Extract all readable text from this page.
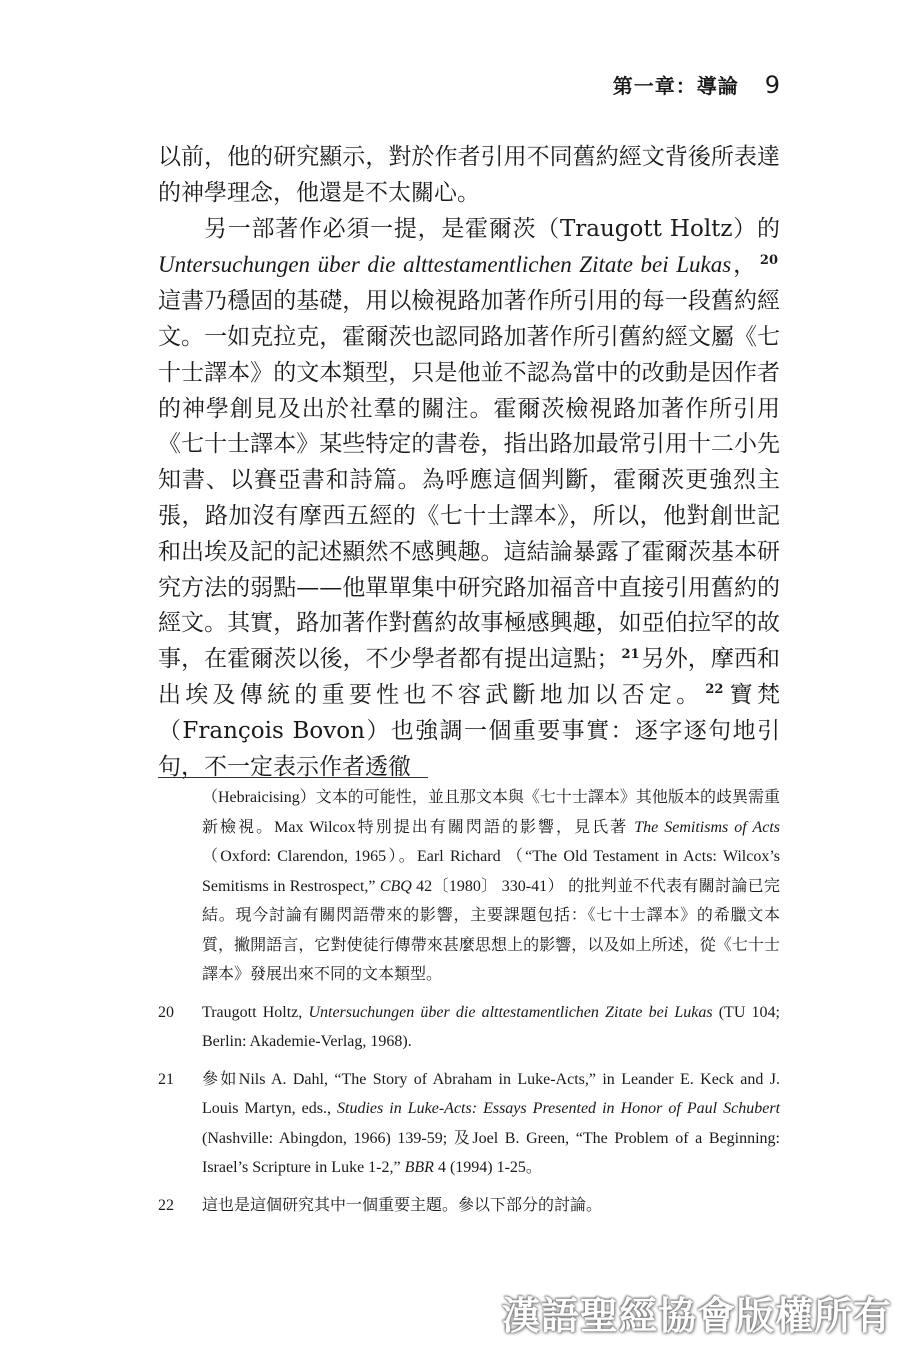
第一章：導論 9

以前，他的研究顯示，對於作者引用不同舊約經文背後所表達的神學理念，他還是不太關心。

另一部著作必須一提，是霍爾茨（Traugott Holtz）的Untersuchungen über die alttestamentlichen Zitate bei Lukas， $^{20}$這書乃穩固的基礎，用以檢視路加著作所引用的每一段舊約經文。一如克拉克，霍爾茨也認同路加著作所引舊約經文屬《七十士譯本》的文本類型，只是他並不認為當中的改動是因作者的神學創見及出於社羣的關注。霍爾茨檢視路加著作所引用《七十士譯本》某些特定的書卷，指出路加最常引用十二小先知書、以賽亞書和詩篇。為呼應這個判斷，霍爾茨更強烈主張，路加沒有摩西五經的《七十士譯本》，所以，他對創世記和出埃及記的記述顯然不感興趣。這結論暴露了霍爾茨基本研究方法的弱點——他單單集中研究路加福音中直接引用舊約的經文。其實，路加著作對舊約故事極感興趣，如亞伯拉罕的故事，在霍爾茨以後，不少學者都有提出這點； $^{21}$另外，摩西和出埃及傳統的重要性也不容武斷地加以否定。 $^{22}$寶梵（François Bovon）也強調一個重要事實：逐字逐句地引句，不一定表示作者透徹

（Hebraicising）文本的可能性，並且那文本與《七十士譯本》其他版本的歧異需重新檢視。Max Wilcox特別提出有關閃語的影響，見氏著 The Semitisms of Acts（Oxford: Clarendon, 1965）。Earl Richard （“The Old Testament in Acts: Wilcox’s Semitisms in Restrospect,” CBQ 42〔1980〕 330-41） 的批判並不代表有關討論已完結。現今討論有關閃語帶來的影響，主要課題包括：《七十士譯本》的希臘文本質，撇開語言，它對使徒行傳帶來甚麼思想上的影響，以及如上所述，從《七十士譯本》發展出來不同的文本類型。
20	Traugott Holtz, Untersuchungen über die alttestamentlichen Zitate bei Lukas (TU 104; Berlin: Akademie-Verlag, 1968).
21	參如Nils A. Dahl, “The Story of Abraham in Luke-Acts,” in Leander E. Keck and J. Louis Martyn, eds., Studies in Luke-Acts: Essays Presented in Honor of Paul Schubert (Nashville: Abingdon, 1966) 139-59; 及Joel B. Green, “The Problem of a Beginning: Israel’s Scripture in Luke 1-2,” BBR 4 (1994) 1-25。
22	這也是這個研究其中一個重要主題。參以下部分的討論。
漢語聖經協會版權所有
